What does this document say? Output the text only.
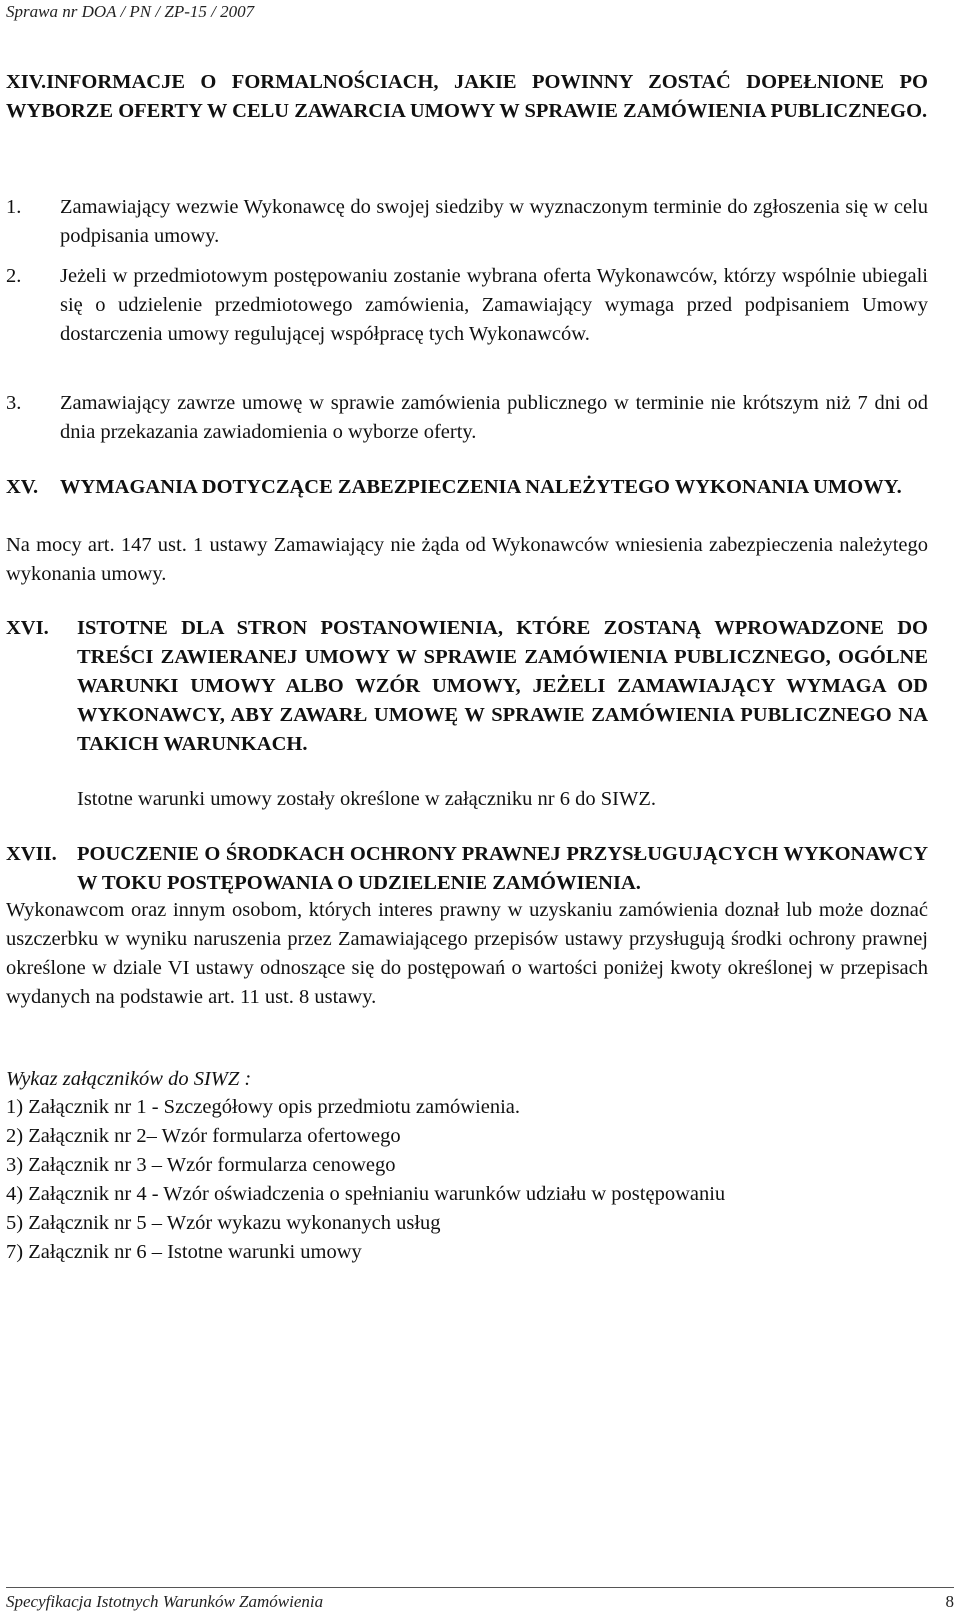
Sprawa nr DOA / PN / ZP-15 / 2007
XIV.INFORMACJE O FORMALNOŚCIACH, JAKIE POWINNY ZOSTAĆ DOPEŁNIONE PO WYBORZE OFERTY W CELU ZAWARCIA UMOWY W SPRAWIE ZAMÓWIENIA PUBLICZNEGO.
1. Zamawiający wezwie Wykonawcę do swojej siedziby w wyznaczonym terminie do zgłoszenia się w celu podpisania umowy.
2. Jeżeli w przedmiotowym postępowaniu zostanie wybrana oferta Wykonawców, którzy wspólnie ubiegali się o udzielenie przedmiotowego zamówienia, Zamawiający wymaga przed podpisaniem Umowy dostarczenia umowy regulującej współpracę tych Wykonawców.
3. Zamawiający zawrze umowę w sprawie zamówienia publicznego w terminie nie krótszym niż 7 dni od dnia przekazania zawiadomienia o wyborze oferty.
XV. WYMAGANIA DOTYCZĄCE ZABEZPIECZENIA NALEŻYTEGO WYKONANIA UMOWY.
Na mocy art. 147 ust. 1 ustawy Zamawiający nie żąda od Wykonawców wniesienia zabezpieczenia należytego wykonania umowy.
XVI. ISTOTNE DLA STRON POSTANOWIENIA, KTÓRE ZOSTANĄ WPROWADZONE DO TREŚCI ZAWIERANEJ UMOWY W SPRAWIE ZAMÓWIENIA PUBLICZNEGO, OGÓLNE WARUNKI UMOWY ALBO WZÓR UMOWY, JEŻELI ZAMAWIAJĄCY WYMAGA OD WYKONAWCY, ABY ZAWARŁ UMOWĘ W SPRAWIE ZAMÓWIENIA PUBLICZNEGO NA TAKICH WARUNKACH.
Istotne warunki umowy zostały określone w załączniku nr 6 do SIWZ.
XVII. POUCZENIE O ŚRODKACH OCHRONY PRAWNEJ PRZYSŁUGUJĄCYCH WYKONAWCY W TOKU POSTĘPOWANIA O UDZIELENIE ZAMÓWIENIA.
Wykonawcom oraz innym osobom, których interes prawny w uzyskaniu zamówienia doznał lub może doznać uszczerbku w wyniku naruszenia przez Zamawiającego przepisów ustawy przysługują środki ochrony prawnej określone w dziale VI ustawy odnoszące się do postępowań o wartości poniżej kwoty określonej w przepisach wydanych na podstawie art. 11 ust. 8 ustawy.
Wykaz załączników do SIWZ :
1) Załącznik nr 1 - Szczegółowy opis przedmiotu zamówienia.
2) Załącznik nr 2– Wzór formularza ofertowego
3) Załącznik nr 3 – Wzór formularza cenowego
4) Załącznik nr 4 - Wzór oświadczenia o spełnianiu warunków udziału w postępowaniu
5) Załącznik nr 5 – Wzór wykazu wykonanych usług
7) Załącznik nr 6 – Istotne warunki umowy
Specyfikacja Istotnych Warunków Zamówienia	8
